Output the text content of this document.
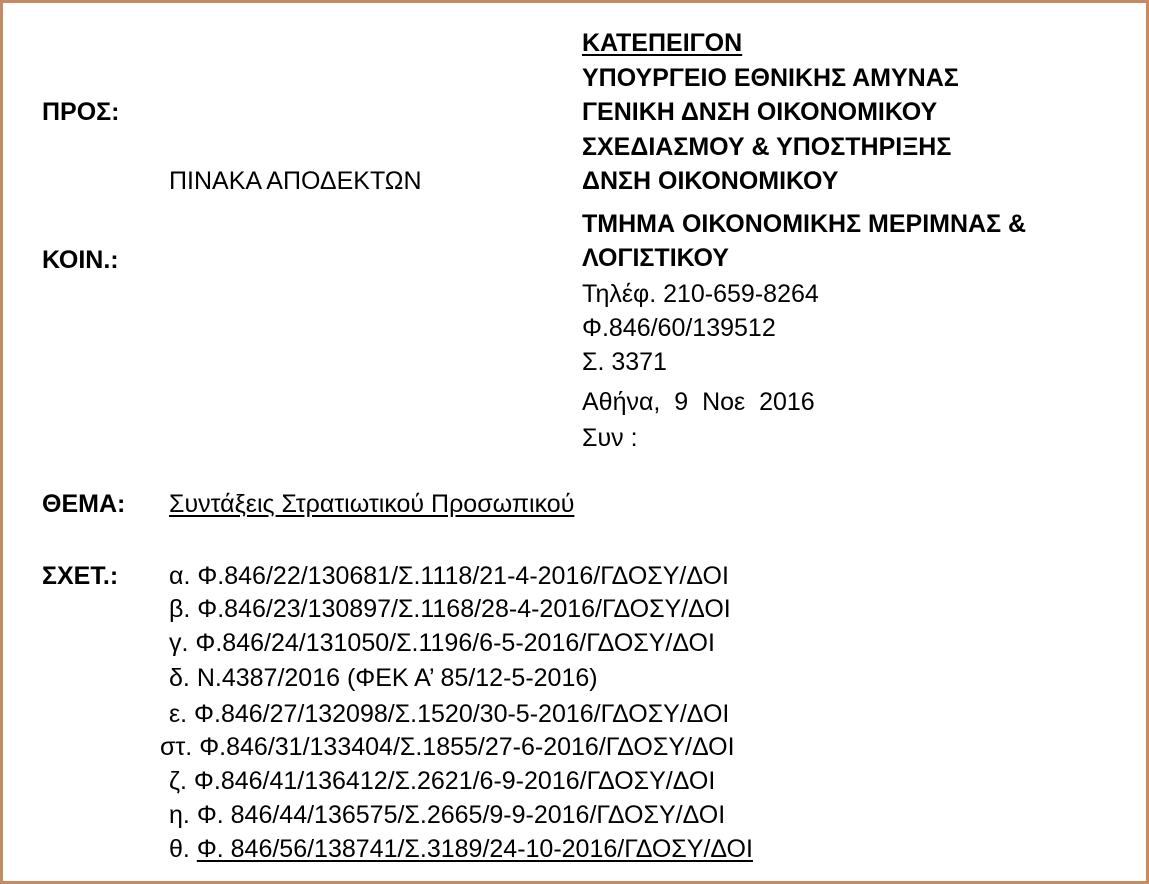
ΠΡΟΣ:
ΠΙΝΑΚΑ ΑΠΟΔΕΚΤΩΝ
ΚΟΙΝ.:
ΚΑΤΕΠΕΙΓΟΝ
ΥΠΟΥΡΓΕΙΟ ΕΘΝΙΚΗΣ ΑΜΥΝΑΣ
ΓΕΝΙΚΗ ΔΝΣΗ ΟΙΚΟΝΟΜΙΚΟΥ
ΣΧΕΔΙΑΣΜΟΥ & ΥΠΟΣΤΗΡΙΞΗΣ
ΔΝΣΗ ΟΙΚΟΝΟΜΙΚΟΥ
ΤΜΗΜΑ ΟΙΚΟΝΟΜΙΚΗΣ ΜΕΡΙΜΝΑΣ &
ΛΟΓΙΣΤΙΚΟΥ
Τηλέφ. 210-659-8264
Φ.846/60/139512
Σ. 3371
Αθήνα,  9  Νοε  2016
Συν :
ΘΕΜΑ: Συντάξεις Στρατιωτικού Προσωπικού
ΣΧΕΤ.: α. Φ.846/22/130681/Σ.1118/21-4-2016/ΓΔΟΣΥ/ΔΟΙ
β. Φ.846/23/130897/Σ.1168/28-4-2016/ΓΔΟΣΥ/ΔΟΙ
γ. Φ.846/24/131050/Σ.1196/6-5-2016/ΓΔΟΣΥ/ΔΟΙ
δ. Ν.4387/2016 (ΦΕΚ Α’ 85/12-5-2016)
ε. Φ.846/27/132098/Σ.1520/30-5-2016/ΓΔΟΣΥ/ΔΟΙ
στ. Φ.846/31/133404/Σ.1855/27-6-2016/ΓΔΟΣΥ/ΔΟΙ
ζ. Φ.846/41/136412/Σ.2621/6-9-2016/ΓΔΟΣΥ/ΔΟΙ
η. Φ. 846/44/136575/Σ.2665/9-9-2016/ΓΔΟΣΥ/ΔΟΙ
θ. Φ. 846/56/138741/Σ.3189/24-10-2016/ΓΔΟΣΥ/ΔΟΙ
